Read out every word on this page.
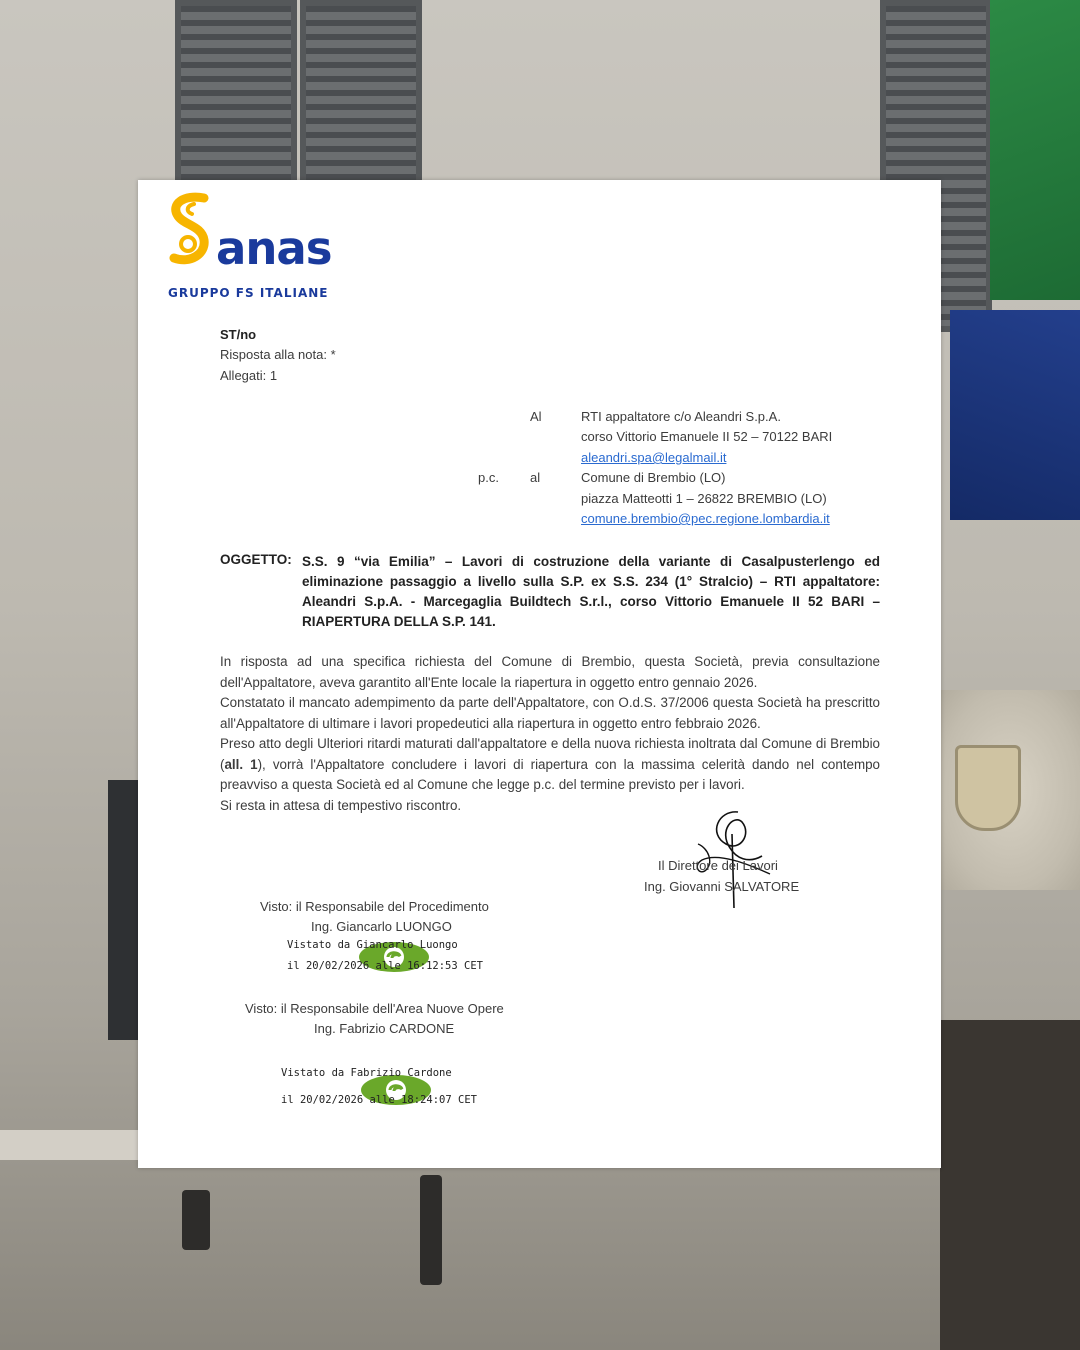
anas
GRUPPO FS ITALIANE
ST/no
Risposta alla nota: *
Allegati: 1
Al	RTI appaltatore c/o Aleandri S.p.A.
corso Vittorio Emanuele II 52 – 70122 BARI
aleandri.spa@legalmail.it
p.c. al	Comune di Brembio (LO)
piazza Matteotti 1 – 26822 BREMBIO (LO)
comune.brembio@pec.regione.lombardia.it
OGGETTO: S.S. 9 “via Emilia” – Lavori di costruzione della variante di Casalpusterlengo ed eliminazione passaggio a livello sulla S.P. ex S.S. 234 (1° Stralcio) – RTI appaltatore: Aleandri S.p.A. - Marcegaglia Buildtech S.r.l., corso Vittorio Emanuele II 52 BARI – RIAPERTURA DELLA S.P. 141.

In risposta ad una specifica richiesta del Comune di Brembio, questa Società, previa consultazione dell'Appaltatore, aveva garantito all'Ente locale la riapertura in oggetto entro gennaio 2026.

Constatato il mancato adempimento da parte dell'Appaltatore, con O.d.S. 37/2006 questa Società ha prescritto all'Appaltatore di ultimare i lavori propedeutici alla riapertura in oggetto entro febbraio 2026.

Preso atto degli Ulteriori ritardi maturati dall'appaltatore e della nuova richiesta inoltrata dal Comune di Brembio (all. 1), vorrà l'Appaltatore concludere i lavori di riapertura con la massima celerità dando nel contempo preavviso a questa Società ed al Comune che legge p.c. del termine previsto per i lavori.

Si resta in attesa di tempestivo riscontro.

Il Direttore dei Lavori
Ing. Giovanni SALVATORE
Visto: il Responsabile del Procedimento
Ing. Giancarlo LUONGO
Vistato da Giancarlo Luongo
il 20/02/2026 alle 16:12:53 CET
Visto: il Responsabile dell'Area Nuove Opere
Ing. Fabrizio CARDONE
Vistato da Fabrizio Cardone
il 20/02/2026 alle 18:24:07 CET
